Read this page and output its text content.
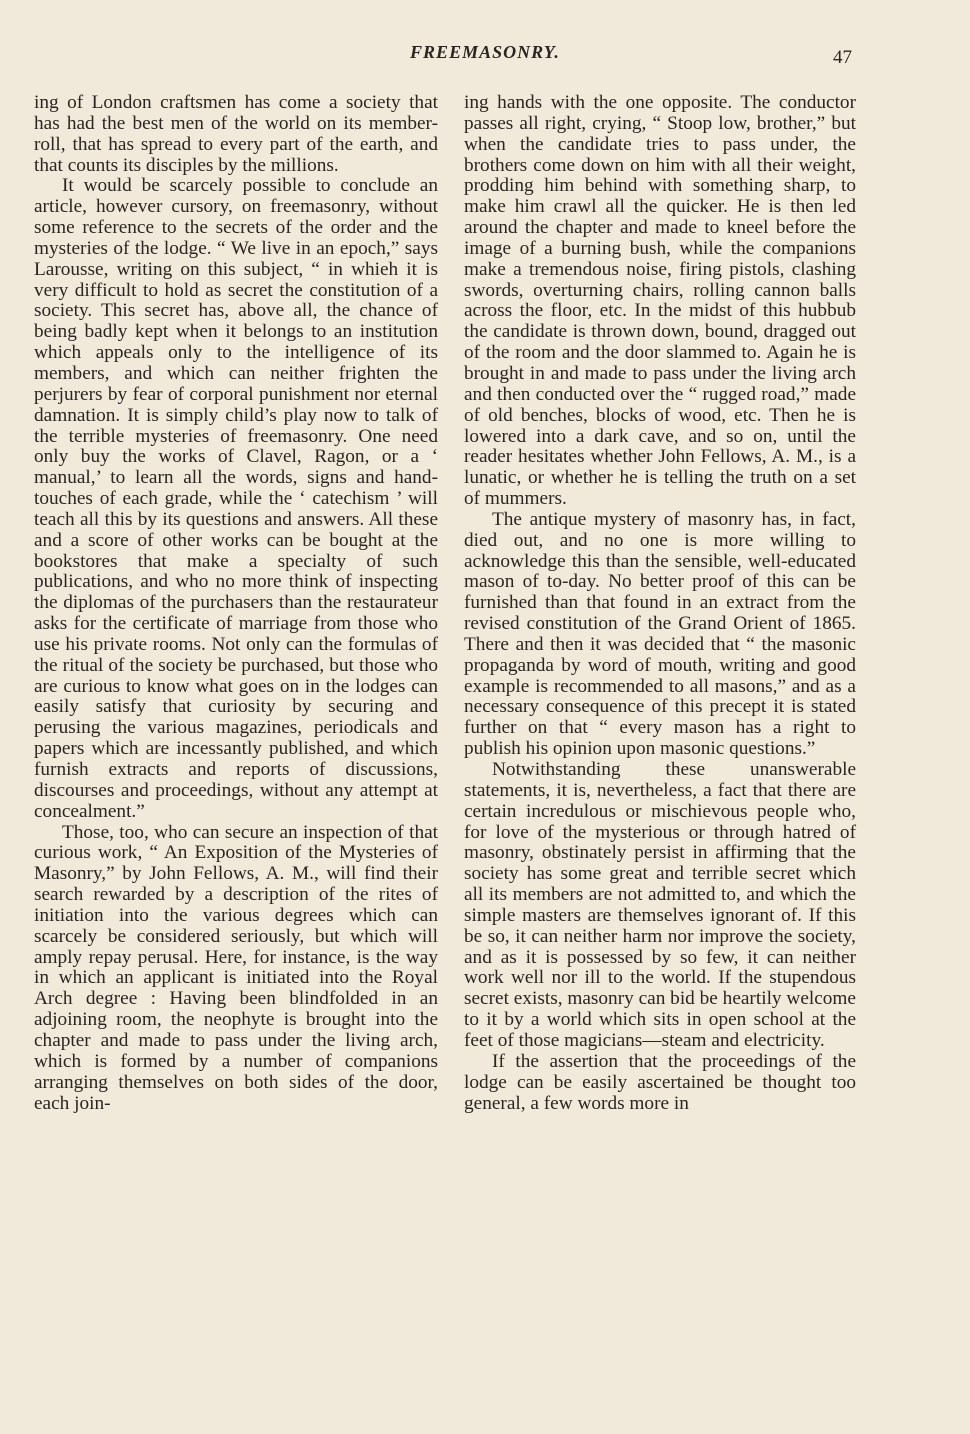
FREEMASONRY.	47

ing of London craftsmen has come a society that has had the best men of the world on its member-roll, that has spread to every part of the earth, and that counts its disciples by the millions.

It would be scarcely possible to conclude an article, however cursory, on freemasonry, without some reference to the secrets of the order and the mysteries of the lodge. “ We live in an epoch,” says Larousse, writing on this subject, “ in whieh it is very difficult to hold as secret the constitution of a society. This secret has, above all, the chance of being badly kept when it belongs to an institution which appeals only to the intelligence of its members, and which can neither frighten the perjurers by fear of corporal punishment nor eternal damnation. It is simply child’s play now to talk of the terrible mysteries of freemasonry. One need only buy the works of Clavel, Ragon, or a ‘ manual,’ to learn all the words, signs and hand-touches of each grade, while the ‘ catechism ’ will teach all this by its questions and answers. All these and a score of other works can be bought at the bookstores that make a specialty of such publications, and who no more think of inspecting the diplomas of the purchasers than the restaurateur asks for the certificate of marriage from those who use his private rooms. Not only can the formulas of the ritual of the society be purchased, but those who are curious to know what goes on in the lodges can easily satisfy that curiosity by securing and perusing the various magazines, periodicals and papers which are incessantly published, and which furnish extracts and reports of discussions, discourses and proceedings, without any attempt at concealment.”

Those, too, who can secure an inspection of that curious work, “ An Exposition of the Mysteries of Masonry,” by John Fellows, A. M., will find their search rewarded by a description of the rites of initiation into the various degrees which can scarcely be considered seriously, but which will amply repay perusal. Here, for instance, is the way in which an applicant is initiated into the Royal Arch degree : Having been blindfolded in an adjoining room, the neophyte is brought into the chapter and made to pass under the living arch, which is formed by a number of companions arranging themselves on both sides of the door, each join-

ing hands with the one opposite. The conductor passes all right, crying, “ Stoop low, brother,” but when the candidate tries to pass under, the brothers come down on him with all their weight, prodding him behind with something sharp, to make him crawl all the quicker. He is then led around the chapter and made to kneel before the image of a burning bush, while the companions make a tremendous noise, firing pistols, clashing swords, overturning chairs, rolling cannon balls across the floor, etc. In the midst of this hubbub the candidate is thrown down, bound, dragged out of the room and the door slammed to. Again he is brought in and made to pass under the living arch and then conducted over the “ rugged road,” made of old benches, blocks of wood, etc. Then he is lowered into a dark cave, and so on, until the reader hesitates whether John Fellows, A. M., is a lunatic, or whether he is telling the truth on a set of mummers.

The antique mystery of masonry has, in fact, died out, and no one is more willing to acknowledge this than the sensible, well-educated mason of to-day. No better proof of this can be furnished than that found in an extract from the revised constitution of the Grand Orient of 1865. There and then it was decided that “ the masonic propaganda by word of mouth, writing and good example is recommended to all masons,” and as a necessary consequence of this precept it is stated further on that “ every mason has a right to publish his opinion upon masonic questions.”

Notwithstanding these unanswerable statements, it is, nevertheless, a fact that there are certain incredulous or mischievous people who, for love of the mysterious or through hatred of masonry, obstinately persist in affirming that the society has some great and terrible secret which all its members are not admitted to, and which the simple masters are themselves ignorant of. If this be so, it can neither harm nor improve the society, and as it is possessed by so few, it can neither work well nor ill to the world. If the stupendous secret exists, masonry can bid be heartily welcome to it by a world which sits in open school at the feet of those magicians—steam and electricity.

If the assertion that the proceedings of the lodge can be easily ascertained be thought too general, a few words more in
